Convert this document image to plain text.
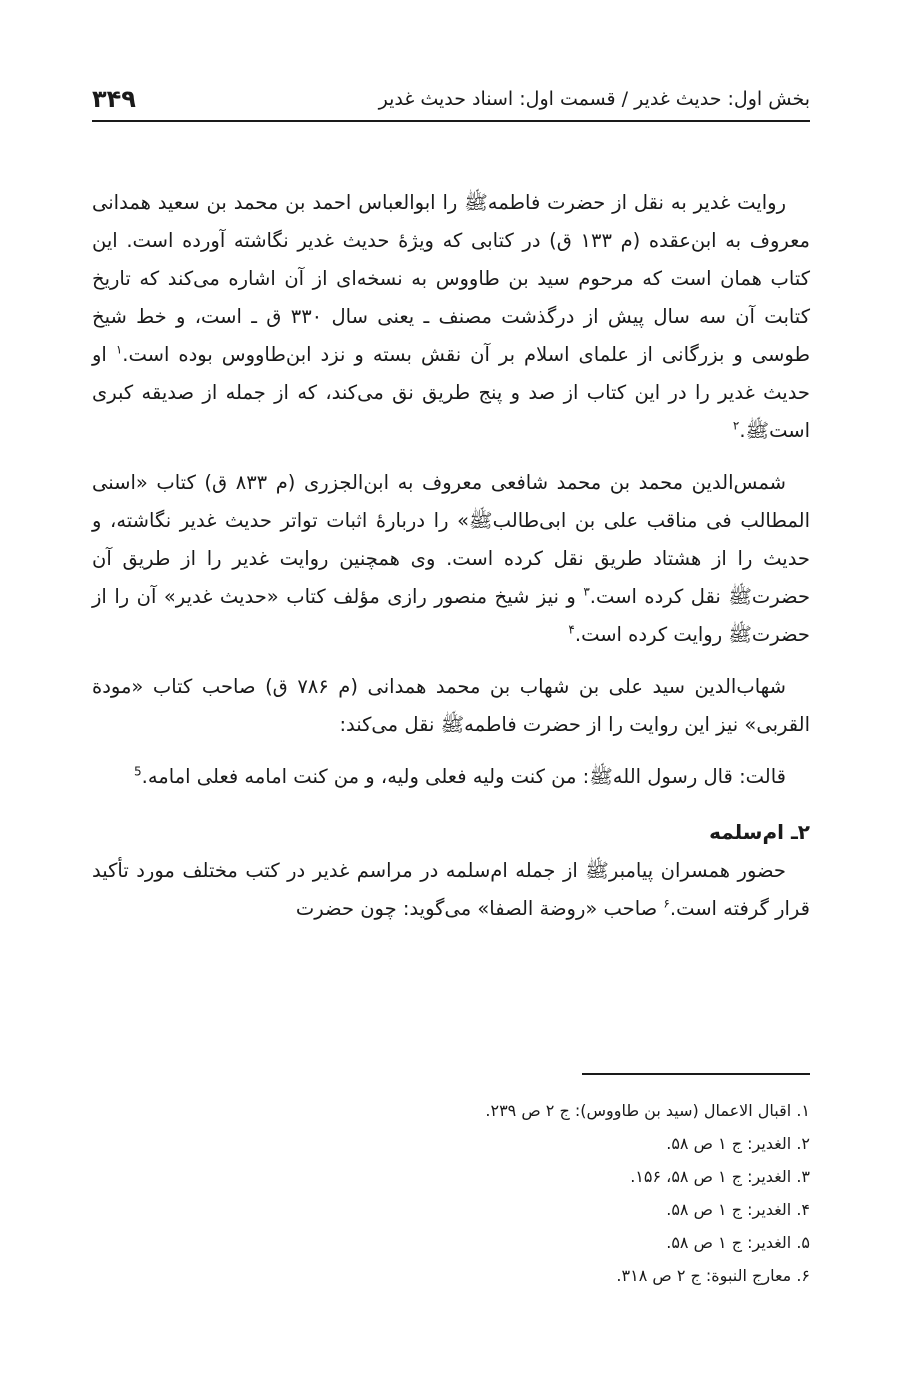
بخش اول: حدیث غدیر / قسمت اول: اسناد حدیث غدیر
۳۴۹

روایت غدیر به نقل از حضرت فاطمهﷺ را ابوالعباس احمد بن محمد بن سعید همدانی معروف به ابن‌عقده (م ۱۳۳ ق) در کتابی که ویژهٔ حدیث غدیر نگاشته آورده است. این کتاب همان است که مرحوم سید بن طاووس به نسخه‌ای از آن اشاره می‌کند که تاریخ کتابت آن سه سال پیش از درگذشت مصنف ـ یعنی سال ۳۳۰ ق ـ است، و خط شیخ طوسی و بزرگانی از علمای اسلام بر آن نقش بسته و نزد ابن‌طاووس بوده است.$^۱$ او حدیث غدیر را در این کتاب از صد و پنج طریق نق می‌کند، که از جمله از صدیقه کبری استﷺ.$^۲$

شمس‌الدین محمد بن محمد شافعی معروف به ابن‌الجزری (م ۸۳۳ ق) کتاب «اسنی المطالب فی مناقب علی بن ابی‌طالبﷺ» را دربارهٔ اثبات تواتر حدیث غدیر نگاشته، و حدیث را از هشتاد طریق نقل کرده است. وی همچنین روایت غدیر را از طریق آن حضرتﷺ نقل کرده است.$^۳$ و نیز شیخ منصور رازی مؤلف کتاب «حدیث غدیر» آن را از حضرتﷺ روایت کرده است.$^۴$

شهاب‌الدین سید علی بن شهاب بن محمد همدانی (م ۷۸۶ ق) صاحب کتاب «مودة القربی» نیز این روایت را از حضرت فاطمهﷺ نقل می‌کند:

قالت: قال رسول اللهﷺ: من کنت ولیه فعلی ولیه، و من کنت امامه فعلی امامه.$^5$

۲ـ ام‌سلمه

حضور همسران پیامبرﷺ از جمله ام‌سلمه در مراسم غدیر در کتب مختلف مورد تأکید قرار گرفته است.$^۶$ صاحب «روضة الصفا» می‌گوید: چون حضرت

۱. اقبال الاعمال (سید بن طاووس): ج ۲ ص ۲۳۹.
۲. الغدیر: ج ۱ ص ۵۸.
۳. الغدیر: ج ۱ ص ۵۸، ۱۵۶.
۴. الغدیر: ج ۱ ص ۵۸.
۵. الغدیر: ج ۱ ص ۵۸.
۶. معارج النبوة: ج ۲ ص ۳۱۸.
